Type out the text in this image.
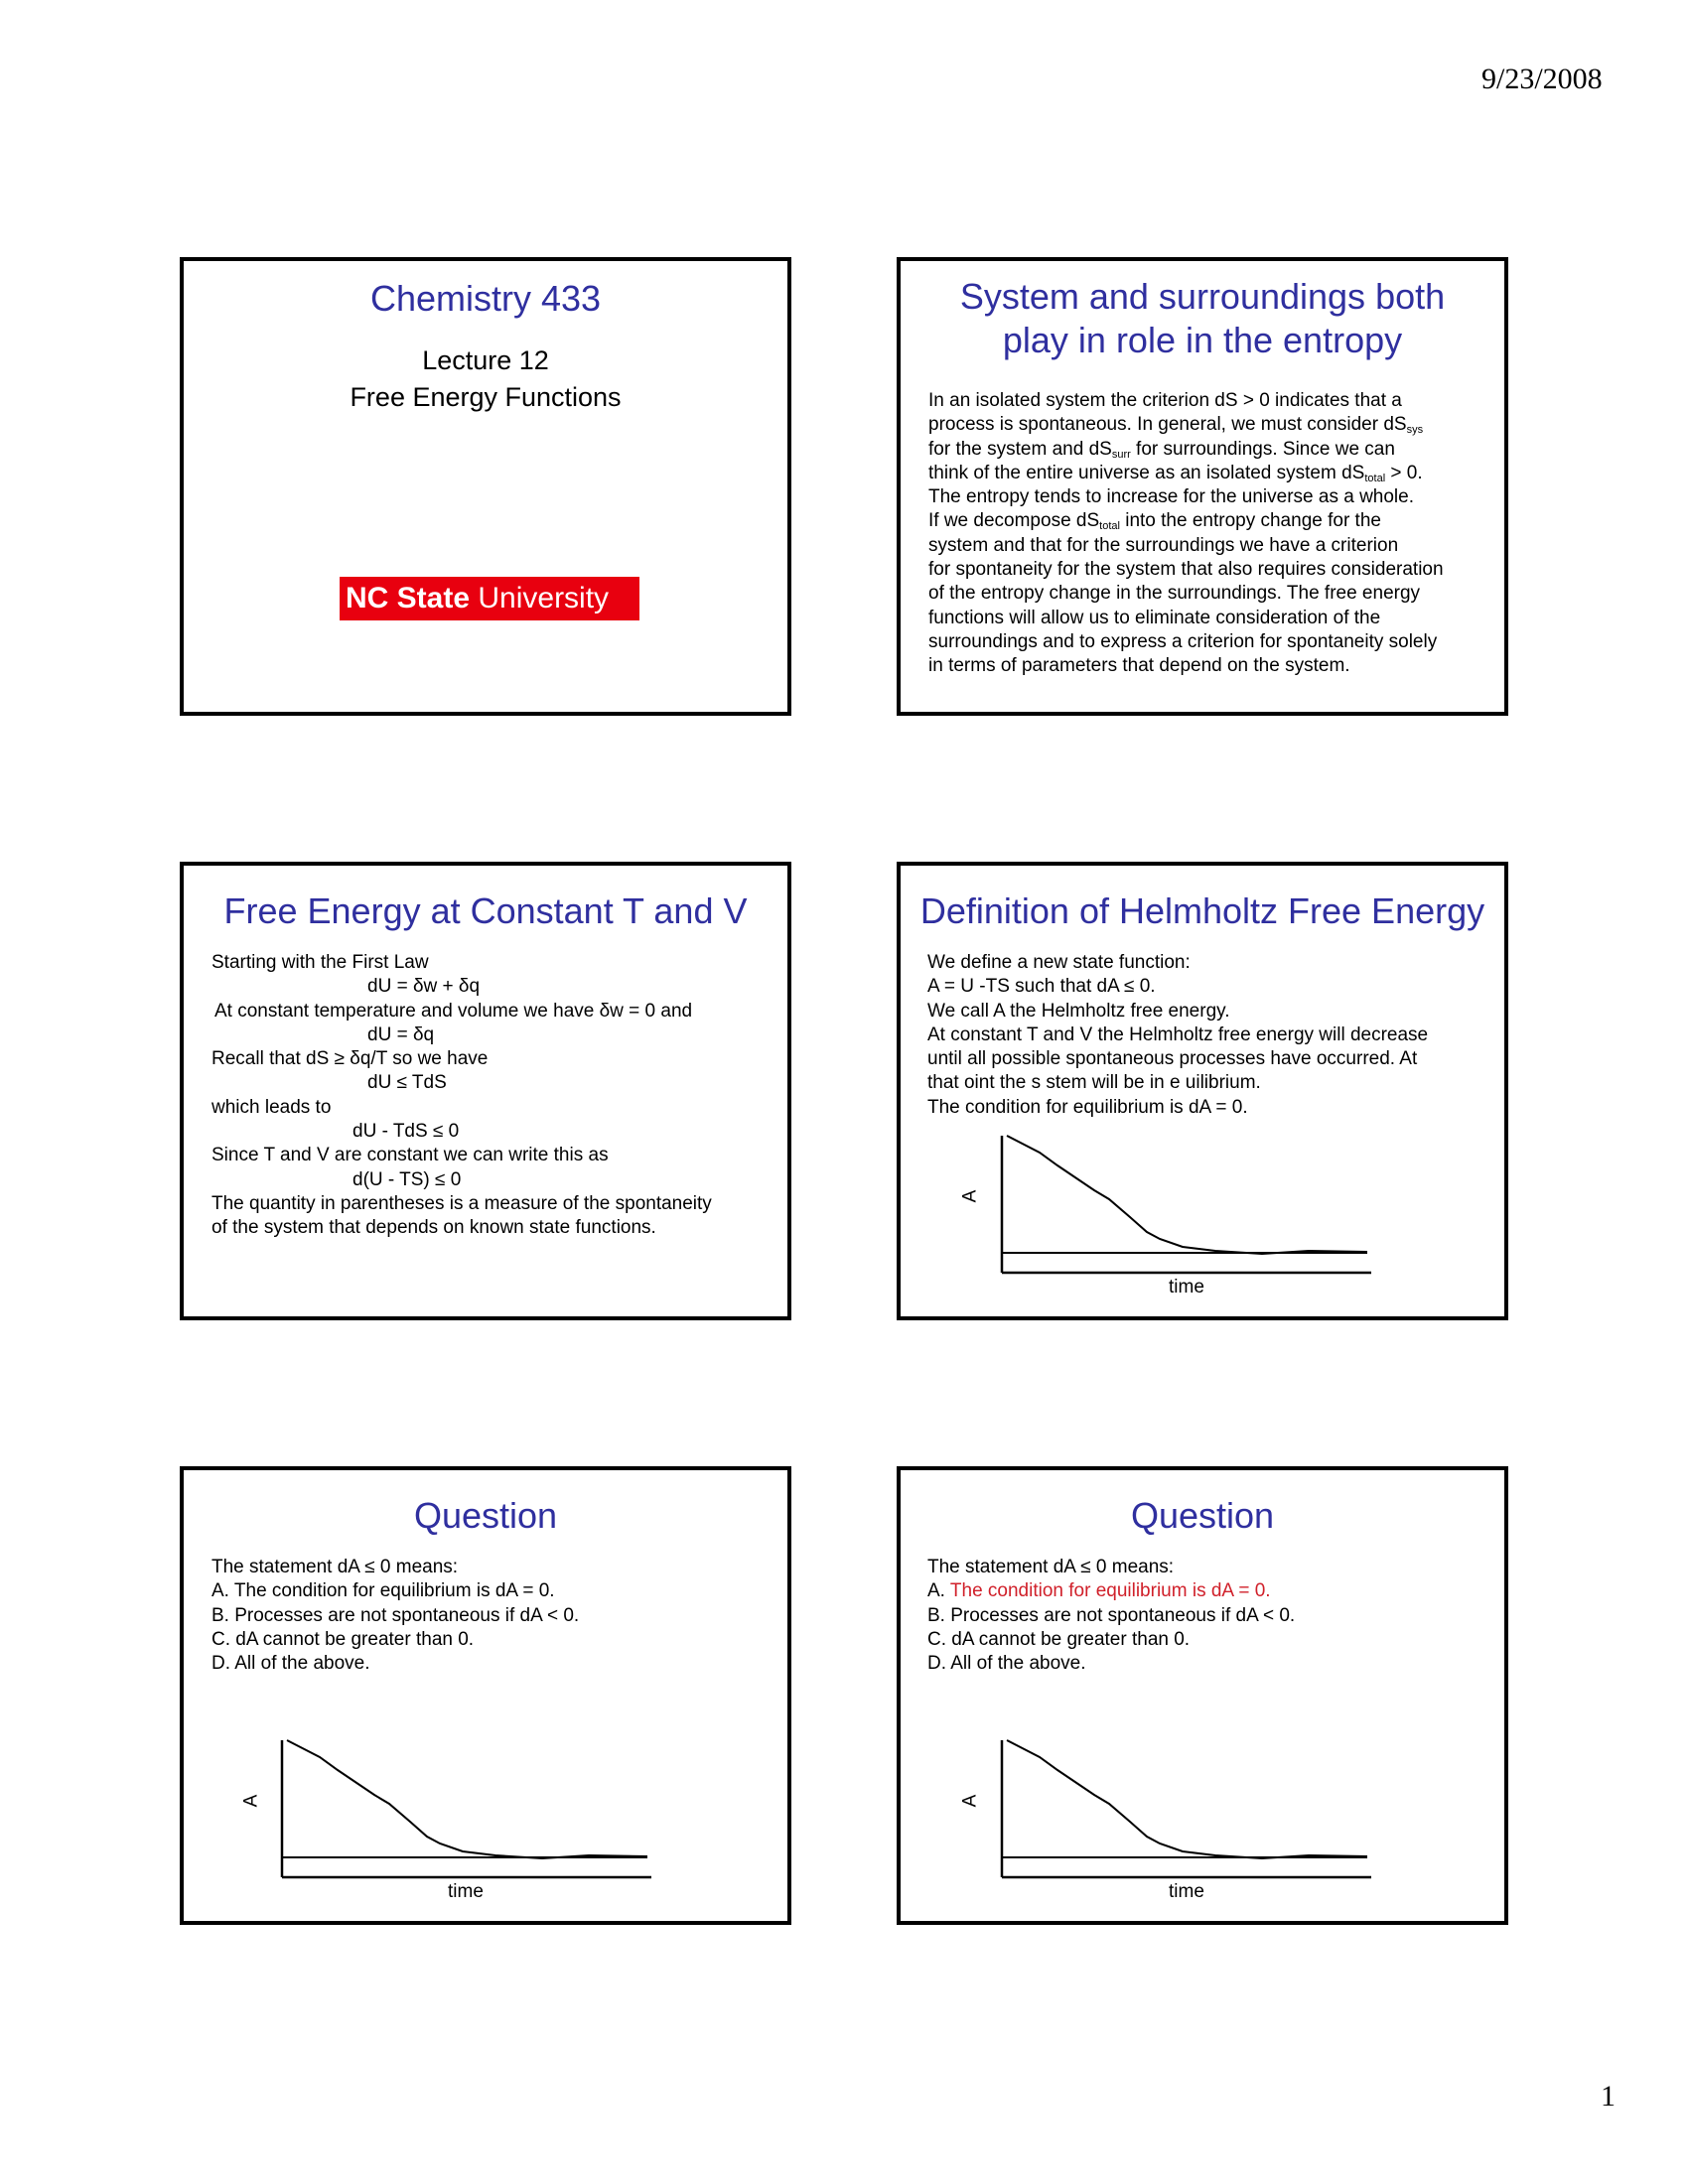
9/23/2008
Chemistry 433
Lecture 12
Free Energy Functions
NC State University
System and surroundings both
play in role in the entropy
In an isolated system the criterion dS > 0 indicates that a
process is spontaneous. In general, we must consider $dS_{sys}$
for the system and $dS_{surr}$ for surroundings. Since we can
think of the entire universe as an isolated system $dS_{total} > 0$.
The entropy tends to increase for the universe as a whole.
If we decompose $dS_{total}$ into the entropy change for the
system and that for the surroundings we have a criterion
for spontaneity for the system that also requires consideration
of the entropy change in the surroundings. The free energy
functions will allow us to eliminate consideration of the
surroundings and to express a criterion for spontaneity solely
in terms of parameters that depend on the system.
Free Energy at Constant T and V
Starting with the First Law
dU = δw + δq
At constant temperature and volume we have δw = 0 and
dU = δq
Recall that dS ≥ δq/T so we have
dU ≤ TdS
which leads to
dU - TdS ≤ 0
Since T and V are constant we can write this as
d(U - TS) ≤ 0
The quantity in parentheses is a measure of the spontaneity
of the system that depends on known state functions.
Definition of Helmholtz Free Energy
We define a new state function:
A = U -TS such that dA ≤ 0.
We call A the Helmholtz free energy.
At constant T and V the Helmholtz free energy will decrease
until all possible spontaneous processes have occurred. At
that oint the s stem will be in e uilibrium.
The condition for equilibrium is dA = 0.
A
time
Question
The statement dA ≤ 0 means:
A. The condition for equilibrium is dA = 0.
B. Processes are not spontaneous if dA < 0.
C. dA cannot be greater than 0.
D. All of the above.
A
time
Question
The statement dA ≤ 0 means:
A. The condition for equilibrium is dA = 0.
B. Processes are not spontaneous if dA < 0.
C. dA cannot be greater than 0.
D. All of the above.
A
time
1
